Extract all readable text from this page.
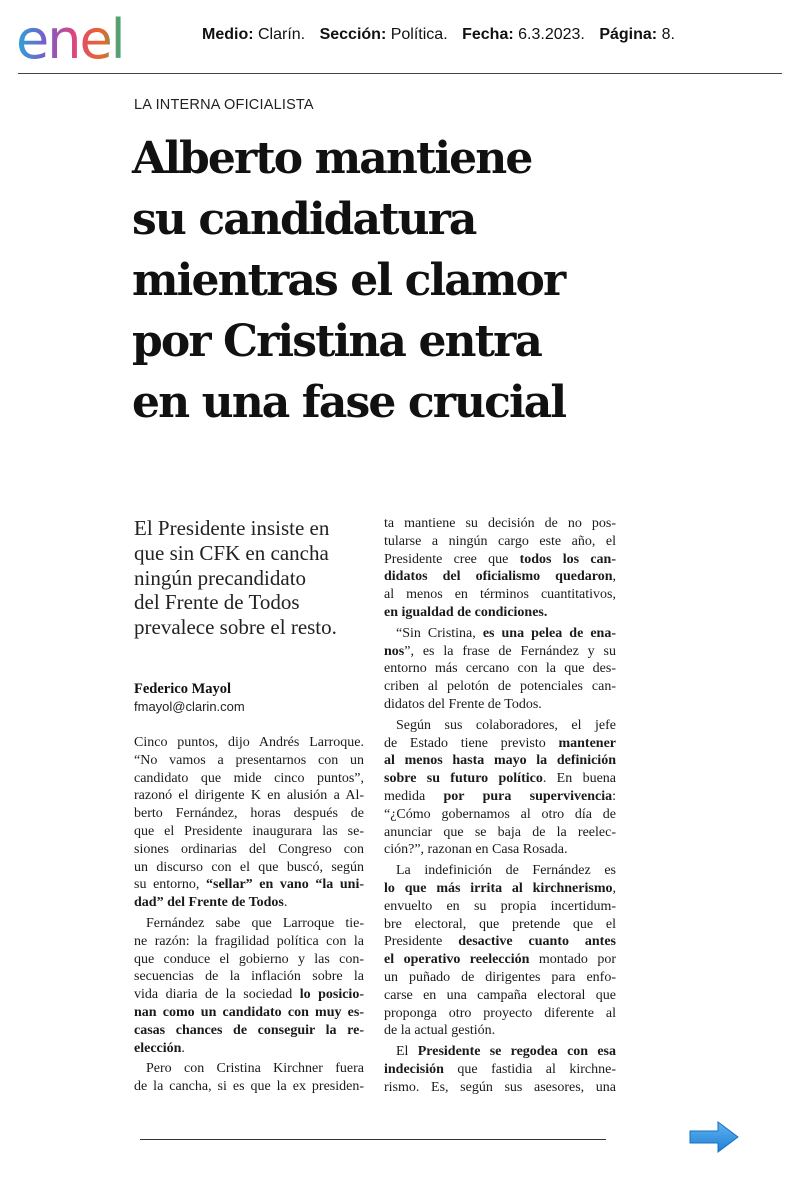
enel	Medio: Clarín. Sección: Política. Fecha: 6.3.2023. Página: 8.
LA INTERNA OFICIALISTA
Alberto mantiene
su candidatura
mientras el clamor
por Cristina entra
en una fase crucial
El Presidente insiste en
que sin CFK en cancha
ningún precandidato
del Frente de Todos
prevalece sobre el resto.
Federico Mayol
fmayol@clarin.com
Cinco puntos, dijo Andrés Larroque.
“No vamos a presentarnos con un
candidato que mide cinco puntos”,
razonó el dirigente K en alusión a Al-
berto Fernández, horas después de
que el Presidente inaugurara las se-
siones ordinarias del Congreso con
un discurso con el que buscó, según
su entorno, “sellar” en vano “la uni-
dad” del Frente de Todos.
Fernández sabe que Larroque tie-
ne razón: la fragilidad política con la
que conduce el gobierno y las con-
secuencias de la inflación sobre la
vida diaria de la sociedad lo posicio-
nan como un candidato con muy es-
casas chances de conseguir la re-
elección.
Pero con Cristina Kirchner fuera
de la cancha, si es que la ex presiden-
ta mantiene su decisión de no pos-
tularse a ningún cargo este año, el
Presidente cree que todos los can-
didatos del oficialismo quedaron,
al menos en términos cuantitativos,
en igualdad de condiciones.
“Sin Cristina, es una pelea de ena-
nos”, es la frase de Fernández y su
entorno más cercano con la que des-
criben al pelotón de potenciales can-
didatos del Frente de Todos.
Según sus colaboradores, el jefe
de Estado tiene previsto mantener
al menos hasta mayo la definición
sobre su futuro político. En buena
medida por pura supervivencia:
“¿Cómo gobernamos al otro día de
anunciar que se baja de la reelec-
ción?”, razonan en Casa Rosada.
La indefinición de Fernández es
lo que más irrita al kirchnerismo,
envuelto en su propia incertidum-
bre electoral, que pretende que el
Presidente desactive cuanto antes
el operativo reelección montado por
un puñado de dirigentes para enfo-
carse en una campaña electoral que
proponga otro proyecto diferente al
de la actual gestión.
El Presidente se regodea con esa
indecisión que fastidia al kirchne-
rismo. Es, según sus asesores, una
